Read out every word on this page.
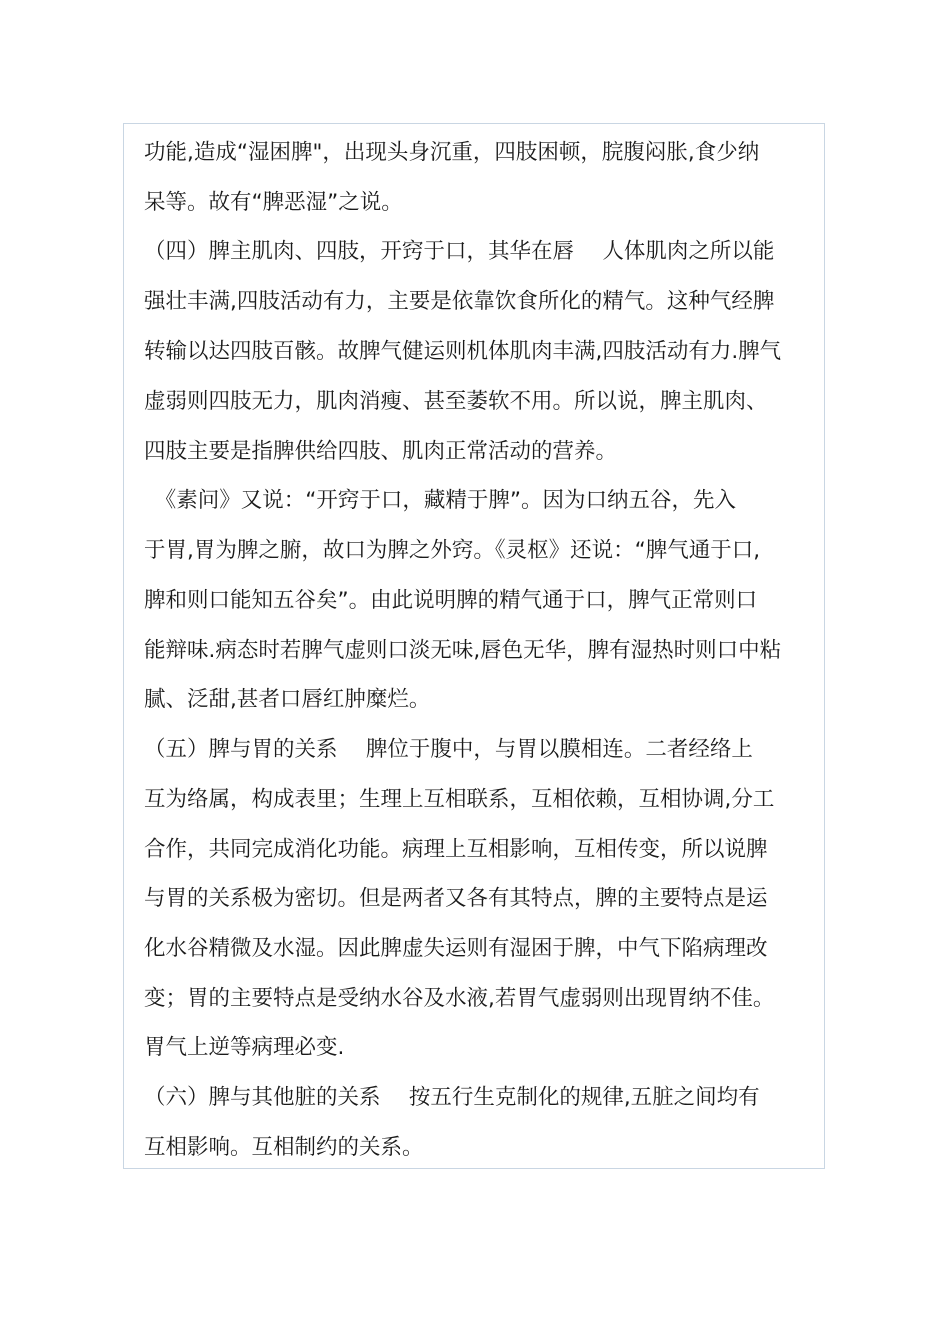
功能,造成“湿困脾"，出现头身沉重，四肢困顿，脘腹闷胀,食少纳
呆等。故有“脾恶湿”之说。
（四）脾主肌肉、四肢，开窍于口，其华在唇　 人体肌肉之所以能
强壮丰满,四肢活动有力，主要是依靠饮食所化的精气。这种气经脾
转输以达四肢百骸。故脾气健运则机体肌肉丰满,四肢活动有力.脾气
虚弱则四肢无力，肌肉消瘦、甚至萎软不用。所以说，脾主肌肉、
四肢主要是指脾供给四肢、肌肉正常活动的营养。
　《素问》又说：“开窍于口，藏精于脾”。因为口纳五谷，先入
于胃,胃为脾之腑，故口为脾之外窍。《灵枢》还说：“脾气通于口,
脾和则口能知五谷矣”。由此说明脾的精气通于口，脾气正常则口
能辩味.病态时若脾气虚则口淡无味,唇色无华，脾有湿热时则口中粘
腻、泛甜,甚者口唇红肿糜烂。
（五）脾与胃的关系　 脾位于腹中，与胃以膜相连。二者经络上
互为络属，构成表里；生理上互相联系，互相依赖，互相协调,分工
合作，共同完成消化功能。病理上互相影响，互相传变，所以说脾
与胃的关系极为密切。但是两者又各有其特点，脾的主要特点是运
化水谷精微及水湿。因此脾虚失运则有湿困于脾，中气下陷病理改
变；胃的主要特点是受纳水谷及水液,若胃气虚弱则出现胃纳不佳。
胃气上逆等病理必变.
（六）脾与其他脏的关系　 按五行生克制化的规律,五脏之间均有
互相影响。互相制约的关系。
